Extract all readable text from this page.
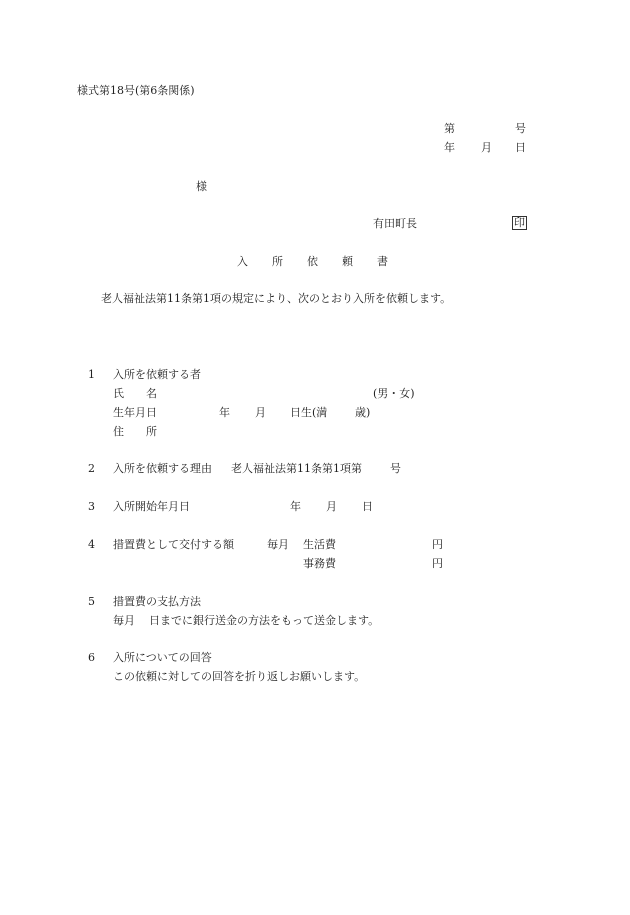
様式第18号(第6条関係)
第	号
年 月 日
様
有田町長	印
入 所 依 頼 書
老人福祉法第11条第1項の規定により、次のとおり入所を依頼します。
1 入所を依頼する者
氏　　名	(男・女)
生年月日	年 月 日生(満	歳)
住　　所
2 入所を依頼する理由 老人福祉法第11条第1項第	号
3 入所開始年月日	年 月 日
4 措置費として交付する額	毎月 生活費	円
事務費	円
5 措置費の支払方法
毎月 日までに銀行送金の方法をもって送金します。
6 入所についての回答
この依頼に対しての回答を折り返しお願いします。
